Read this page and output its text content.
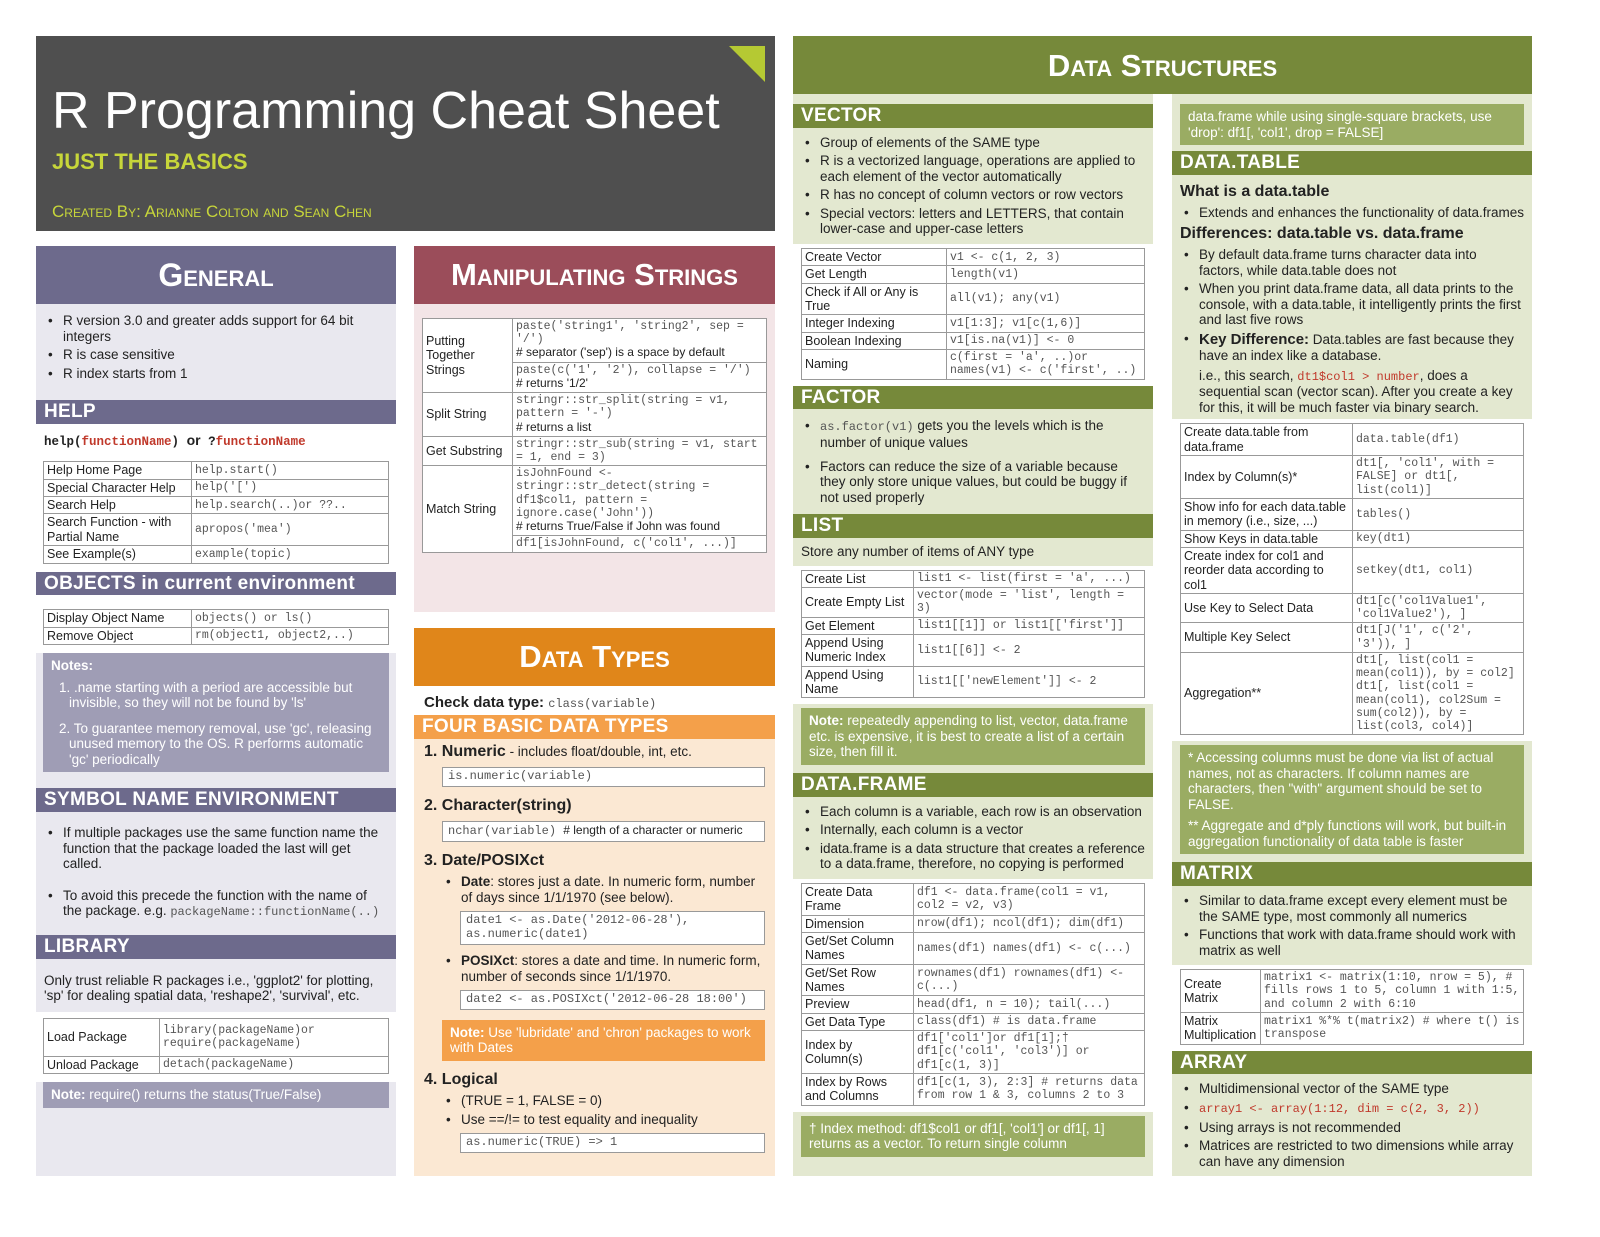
R Programming Cheat Sheet
JUST THE BASICS
Created By: Arianne Colton and Sean Chen
General
• R version 3.0 and greater adds support for 64 bit integers
• R is case sensitive
• R index starts from 1
HELP
help(functionName) or ?functionName
Help Home Page	help.start()
Special Character Help	help('[')
Search Help	help.search(..)or ??..
Search Function - with Partial Name	apropos('mea')
See Example(s)	example(topic)
OBJECTS in current environment
Display Object Name	objects() or ls()
Remove Object	rm(object1, object2,..)
Notes:
1. .name starting with a period are accessible but invisible, so they will not be found by 'ls'
2. To guarantee memory removal, use 'gc', releasing unused memory to the OS. R performs automatic 'gc' periodically
SYMBOL NAME ENVIRONMENT
• If multiple packages use the same function name the function that the package loaded the last will get called.
• To avoid this precede the function with the name of the package. e.g. packageName::functionName(..)
LIBRARY
Only trust reliable R packages i.e., 'ggplot2' for plotting, 'sp' for dealing spatial data, 'reshape2', 'survival', etc.
Load Package	library(packageName)or require(packageName)
Unload Package	detach(packageName)
Note: require() returns the status(True/False)
Manipulating Strings
Putting Together Strings	paste('string1', 'string2', sep = '/')
# separator ('sep') is a space by default
	paste(c('1', '2'), collapse = '/')
# returns '1/2'
Split String	stringr::str_split(string = v1, pattern = '-')
# returns a list
Get Substring	stringr::str_sub(string = v1, start = 1, end = 3)
Match String	isJohnFound <- stringr::str_detect(string = df1$col1, pattern = ignore.case('John'))
# returns True/False if John was found
	df1[isJohnFound, c('col1', ...)]
Data Types
Check data type: class(variable)
FOUR BASIC DATA TYPES
1. Numeric - includes float/double, int, etc.
is.numeric(variable)
2. Character(string)
nchar(variable) # length of a character or numeric
3. Date/POSIXct
• Date: stores just a date. In numeric form, number of days since 1/1/1970 (see below).
date1 <- as.Date('2012-06-28'),
as.numeric(date1)
• POSIXct: stores a date and time. In numeric form, number of seconds since 1/1/1970.
date2 <- as.POSIXct('2012-06-28 18:00')
Note: Use 'lubridate' and 'chron' packages to work with Dates
4. Logical
• (TRUE = 1, FALSE = 0)
• Use ==/!= to test equality and inequality
as.numeric(TRUE) => 1
Data Structures
VECTOR
• Group of elements of the SAME type
• R is a vectorized language, operations are applied to each element of the vector automatically
• R has no concept of column vectors or row vectors
• Special vectors: letters and LETTERS, that contain lower-case and upper-case letters
Create Vector	v1 <- c(1, 2, 3)
Get Length	length(v1)
Check if All or Any is True	all(v1); any(v1)
Integer Indexing	v1[1:3]; v1[c(1,6)]
Boolean Indexing	v1[is.na(v1)] <- 0
Naming	c(first = 'a', ..)or names(v1) <- c('first', ..)
FACTOR
• as.factor(v1) gets you the levels which is the number of unique values
• Factors can reduce the size of a variable because they only store unique values, but could be buggy if not used properly
LIST
Store any number of items of ANY type
Create List	list1 <- list(first = 'a', ...)
Create Empty List	vector(mode = 'list', length = 3)
Get Element	list1[[1]] or list1[['first']]
Append Using Numeric Index	list1[[6]] <- 2
Append Using Name	list1[['newElement']] <- 2
Note: repeatedly appending to list, vector, data.frame etc. is expensive, it is best to create a list of a certain size, then fill it.
DATA.FRAME
• Each column is a variable, each row is an observation
• Internally, each column is a vector
• idata.frame is a data structure that creates a reference to a data.frame, therefore, no copying is performed
Create Data Frame	df1 <- data.frame(col1 = v1, col2 = v2, v3)
Dimension	nrow(df1); ncol(df1); dim(df1)
Get/Set Column Names	names(df1) names(df1) <- c(...)
Get/Set Row Names	rownames(df1) rownames(df1) <- c(...)
Preview	head(df1, n = 10); tail(...)
Get Data Type	class(df1) # is data.frame
Index by Column(s)	df1['col1']or df1[1];† df1[c('col1', 'col3')] or df1[c(1, 3)]
Index by Rows and Columns	df1[c(1, 3), 2:3] # returns data from row 1 & 3, columns 2 to 3
† Index method: df1$col1 or df1[, 'col1'] or df1[, 1] returns as a vector. To return single column
data.frame while using single-square brackets, use 'drop': df1[, 'col1', drop = FALSE]
DATA.TABLE
What is a data.table
• Extends and enhances the functionality of data.frames
Differences: data.table vs. data.frame
• By default data.frame turns character data into factors, while data.table does not
• When you print data.frame data, all data prints to the console, with a data.table, it intelligently prints the first and last five rows
• Key Difference: Data.tables are fast because they have an index like a database.
i.e., this search, dt1$col1 > number, does a sequential scan (vector scan). After you create a key for this, it will be much faster via binary search.
Create data.table from data.frame	data.table(df1)
Index by Column(s)*	dt1[, 'col1', with = FALSE] or dt1[, list(col1)]
Show info for each data.table in memory (i.e., size, ...)	tables()
Show Keys in data.table	key(dt1)
Create index for col1 and reorder data according to col1	setkey(dt1, col1)
Use Key to Select Data	dt1[c('col1Value1', 'col1Value2'), ]
Multiple Key Select	dt1[J('1', c('2', '3')), ]
Aggregation**	dt1[, list(col1 = mean(col1)), by = col2] dt1[, list(col1 = mean(col1), col2Sum = sum(col2)), by = list(col3, col4)]
* Accessing columns must be done via list of actual names, not as characters. If column names are characters, then "with" argument should be set to FALSE.
** Aggregate and d*ply functions will work, but built-in aggregation functionality of data table is faster
MATRIX
• Similar to data.frame except every element must be the SAME type, most commonly all numerics
• Functions that work with data.frame should work with matrix as well
Create Matrix	matrix1 <- matrix(1:10, nrow = 5), # fills rows 1 to 5, column 1 with 1:5, and column 2 with 6:10
Matrix Multiplication	matrix1 %*% t(matrix2) # where t() is transpose
ARRAY
• Multidimensional vector of the SAME type
• array1 <- array(1:12, dim = c(2, 3, 2))
• Using arrays is not recommended
• Matrices are restricted to two dimensions while array can have any dimension
